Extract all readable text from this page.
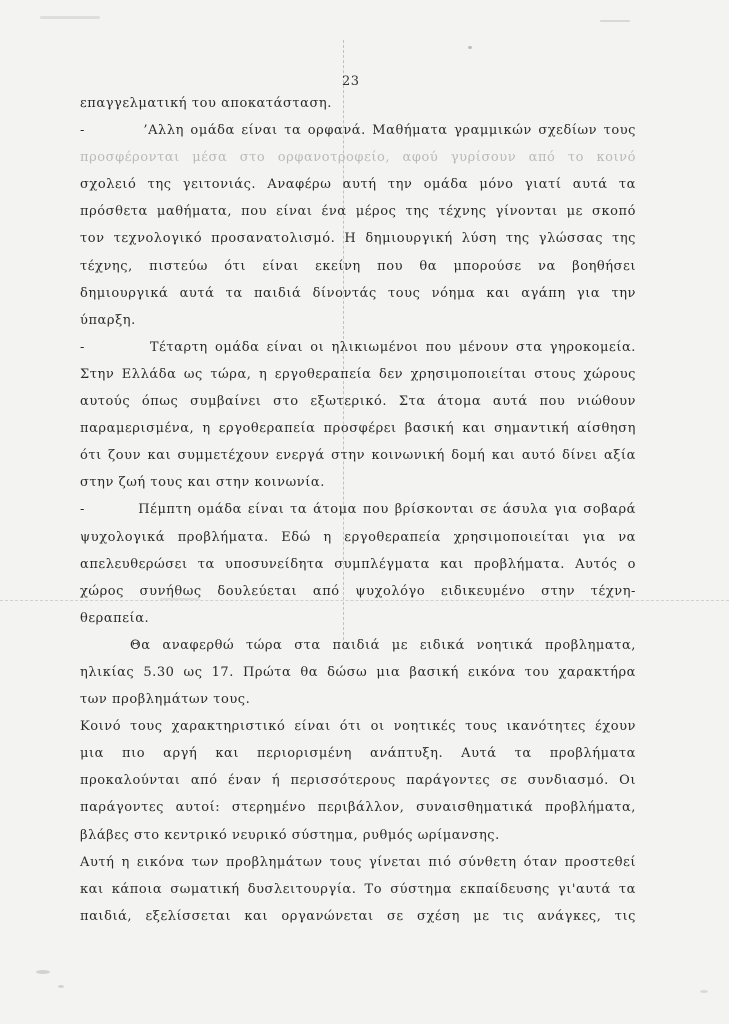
23
επαγγελματική του αποκατάσταση.
-         ’Αλλη ομάδα είναι τα ορφανά. Μαθήματα γραμμικών σχεδίων τους
προσφέρονται μέσα στο ορφανοτροφείο, αφού γυρίσουν από το κοινό
σχολειό της γειτονιάς. Αναφέρω αυτή την ομάδα μόνο γιατί αυτά τα
πρόσθετα μαθήματα, που είναι ένα μέρος της τέχνης γίνονται με σκοπό
τον τεχνολογικό προσανατολισμό. Η δημιουργική λύση της γλώσσας της
τέχνης, πιστεύω ότι είναι εκείνη που θα μπορούσε να βοηθήσει
δημιουργικά αυτά τα παιδιά δίνοντάς τους νόημα και αγάπη για την
ύπαρξη.
-         Τέταρτη ομάδα είναι οι ηλικιωμένοι που μένουν στα γηροκομεία.
Στην Ελλάδα ως τώρα, η εργοθεραπεία δεν χρησιμοποιείται στους χώρους
αυτούς όπως συμβαίνει στο εξωτερικό. Στα άτομα αυτά που νιώθουν
παραμερισμένα, η εργοθεραπεία προσφέρει βασική και σημαντική αίσθηση
ότι ζουν και συμμετέχουν ενεργά στην κοινωνική δομή και αυτό δίνει αξία
στην ζωή τους και στην κοινωνία.
-         Πέμπτη ομάδα είναι τα άτομα που βρίσκονται σε άσυλα για σοβαρά
ψυχολογικά προβλήματα. Εδώ η εργοθεραπεία χρησιμοποιείται για να
απελευθερώσει τα υποσυνείδητα συμπλέγματα και προβλήματα. Αυτός ο
χώρος συνήθως δουλεύεται από ψυχολόγο ειδικευμένο στην τέχνη-
θεραπεία.
Θα αναφερθώ τώρα στα παιδιά με ειδικά νοητικά προβληματα,
ηλικίας 5.30 ως 17. Πρώτα θα δώσω μια βασική εικόνα του χαρακτήρα
των προβλημάτων τους.
Κοινό τους χαρακτηριστικό είναι ότι οι νοητικές τους ικανότητες έχουν
μια πιο αργή και περιορισμένη ανάπτυξη. Αυτά τα προβλήματα
προκαλούνται από έναν ή περισσότερους παράγοντες σε συνδιασμό. Οι
παράγοντες αυτοί: στερημένο περιβάλλον, συναισθηματικά προβλήματα,
βλάβες στο κεντρικό νευρικό σύστημα, ρυθμός ωρίμανσης.
Αυτή η εικόνα των προβλημάτων τους γίνεται πιό σύνθετη όταν προστεθεί
και κάποια σωματική δυσλειτουργία. Το σύστημα εκπαίδευσης γι'αυτά τα
παιδιά, εξελίσσεται και οργανώνεται σε σχέση με τις ανάγκες, τις
